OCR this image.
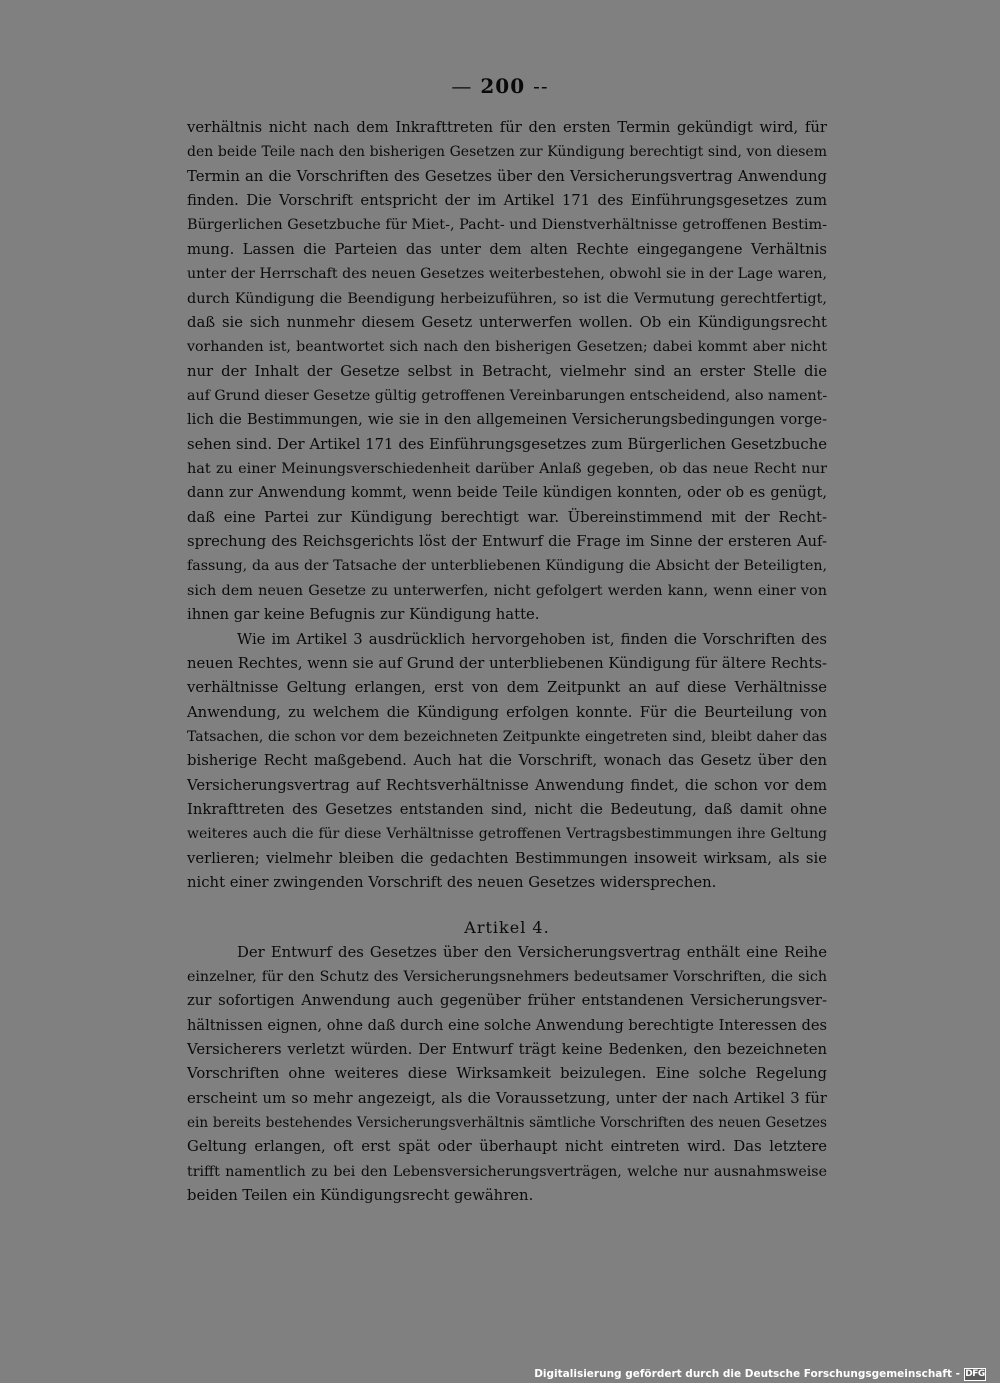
— 200 --
verhältnis nicht nach dem Inkrafttreten für den ersten Termin gekündigt wird, für
den beide Teile nach den bisherigen Gesetzen zur Kündigung berechtigt sind, von diesem
Termin an die Vorschriften des Gesetzes über den Versicherungsvertrag Anwendung
finden. Die Vorschrift entspricht der im Artikel 171 des Einführungsgesetzes zum
Bürgerlichen Gesetzbuche für Miet-, Pacht- und Dienstverhältnisse getroffenen Bestim-
mung. Lassen die Parteien das unter dem alten Rechte eingegangene Verhältnis
unter der Herrschaft des neuen Gesetzes weiterbestehen, obwohl sie in der Lage waren,
durch Kündigung die Beendigung herbeizuführen, so ist die Vermutung gerechtfertigt,
daß sie sich nunmehr diesem Gesetz unterwerfen wollen. Ob ein Kündigungsrecht
vorhanden ist, beantwortet sich nach den bisherigen Gesetzen; dabei kommt aber nicht
nur der Inhalt der Gesetze selbst in Betracht, vielmehr sind an erster Stelle die
auf Grund dieser Gesetze gültig getroffenen Vereinbarungen entscheidend, also nament-
lich die Bestimmungen, wie sie in den allgemeinen Versicherungsbedingungen vorge-
sehen sind. Der Artikel 171 des Einführungsgesetzes zum Bürgerlichen Gesetzbuche
hat zu einer Meinungsverschiedenheit darüber Anlaß gegeben, ob das neue Recht nur
dann zur Anwendung kommt, wenn beide Teile kündigen konnten, oder ob es genügt,
daß eine Partei zur Kündigung berechtigt war. Übereinstimmend mit der Recht-
sprechung des Reichsgerichts löst der Entwurf die Frage im Sinne der ersteren Auf-
fassung, da aus der Tatsache der unterbliebenen Kündigung die Absicht der Beteiligten,
sich dem neuen Gesetze zu unterwerfen, nicht gefolgert werden kann, wenn einer von
ihnen gar keine Befugnis zur Kündigung hatte.
Wie im Artikel 3 ausdrücklich hervorgehoben ist, finden die Vorschriften des
neuen Rechtes, wenn sie auf Grund der unterbliebenen Kündigung für ältere Rechts-
verhältnisse Geltung erlangen, erst von dem Zeitpunkt an auf diese Verhältnisse
Anwendung, zu welchem die Kündigung erfolgen konnte. Für die Beurteilung von
Tatsachen, die schon vor dem bezeichneten Zeitpunkte eingetreten sind, bleibt daher das
bisherige Recht maßgebend. Auch hat die Vorschrift, wonach das Gesetz über den
Versicherungsvertrag auf Rechtsverhältnisse Anwendung findet, die schon vor dem
Inkrafttreten des Gesetzes entstanden sind, nicht die Bedeutung, daß damit ohne
weiteres auch die für diese Verhältnisse getroffenen Vertragsbestimmungen ihre Geltung
verlieren; vielmehr bleiben die gedachten Bestimmungen insoweit wirksam, als sie
nicht einer zwingenden Vorschrift des neuen Gesetzes widersprechen.
Artikel 4.
Der Entwurf des Gesetzes über den Versicherungsvertrag enthält eine Reihe
einzelner, für den Schutz des Versicherungsnehmers bedeutsamer Vorschriften, die sich
zur sofortigen Anwendung auch gegenüber früher entstandenen Versicherungsver-
hältnissen eignen, ohne daß durch eine solche Anwendung berechtigte Interessen des
Versicherers verletzt würden. Der Entwurf trägt keine Bedenken, den bezeichneten
Vorschriften ohne weiteres diese Wirksamkeit beizulegen. Eine solche Regelung
erscheint um so mehr angezeigt, als die Voraussetzung, unter der nach Artikel 3 für
ein bereits bestehendes Versicherungsverhältnis sämtliche Vorschriften des neuen Gesetzes
Geltung erlangen, oft erst spät oder überhaupt nicht eintreten wird. Das letztere
trifft namentlich zu bei den Lebensversicherungsverträgen, welche nur ausnahmsweise
beiden Teilen ein Kündigungsrecht gewähren.
Digitalisierung gefördert durch die Deutsche Forschungsgemeinschaft - DFG
